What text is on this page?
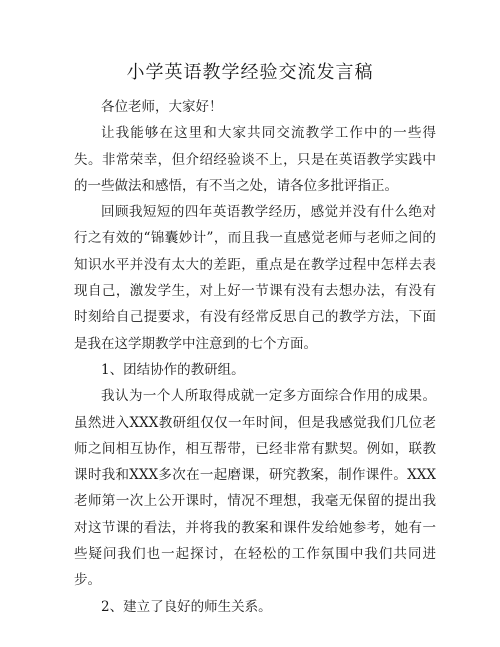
小学英语教学经验交流发言稿

各位老师，大家好！

让我能够在这里和大家共同交流教学工作中的一些得失。非常荣幸，但介绍经验谈不上，只是在英语教学实践中的一些做法和感悟，有不当之处，请各位多批评指正。

回顾我短短的四年英语教学经历，感觉并没有什么绝对行之有效的“锦囊妙计”，而且我一直感觉老师与老师之间的知识水平并没有太大的差距，重点是在教学过程中怎样去表现自己，激发学生，对上好一节课有没有去想办法，有没有时刻给自己提要求，有没有经常反思自己的教学方法，下面是我在这学期教学中注意到的七个方面。

1、团结协作的教研组。

我认为一个人所取得成就一定多方面综合作用的成果。虽然进入XXX教研组仅仅一年时间，但是我感觉我们几位老师之间相互协作，相互帮带，已经非常有默契。例如，联教课时我和XXX多次在一起磨课，研究教案，制作课件。XXX老师第一次上公开课时，情况不理想，我毫无保留的提出我对这节课的看法，并将我的教案和课件发给她参考，她有一些疑问我们也一起探讨，在轻松的工作氛围中我们共同进步。

2、建立了良好的师生关系。
